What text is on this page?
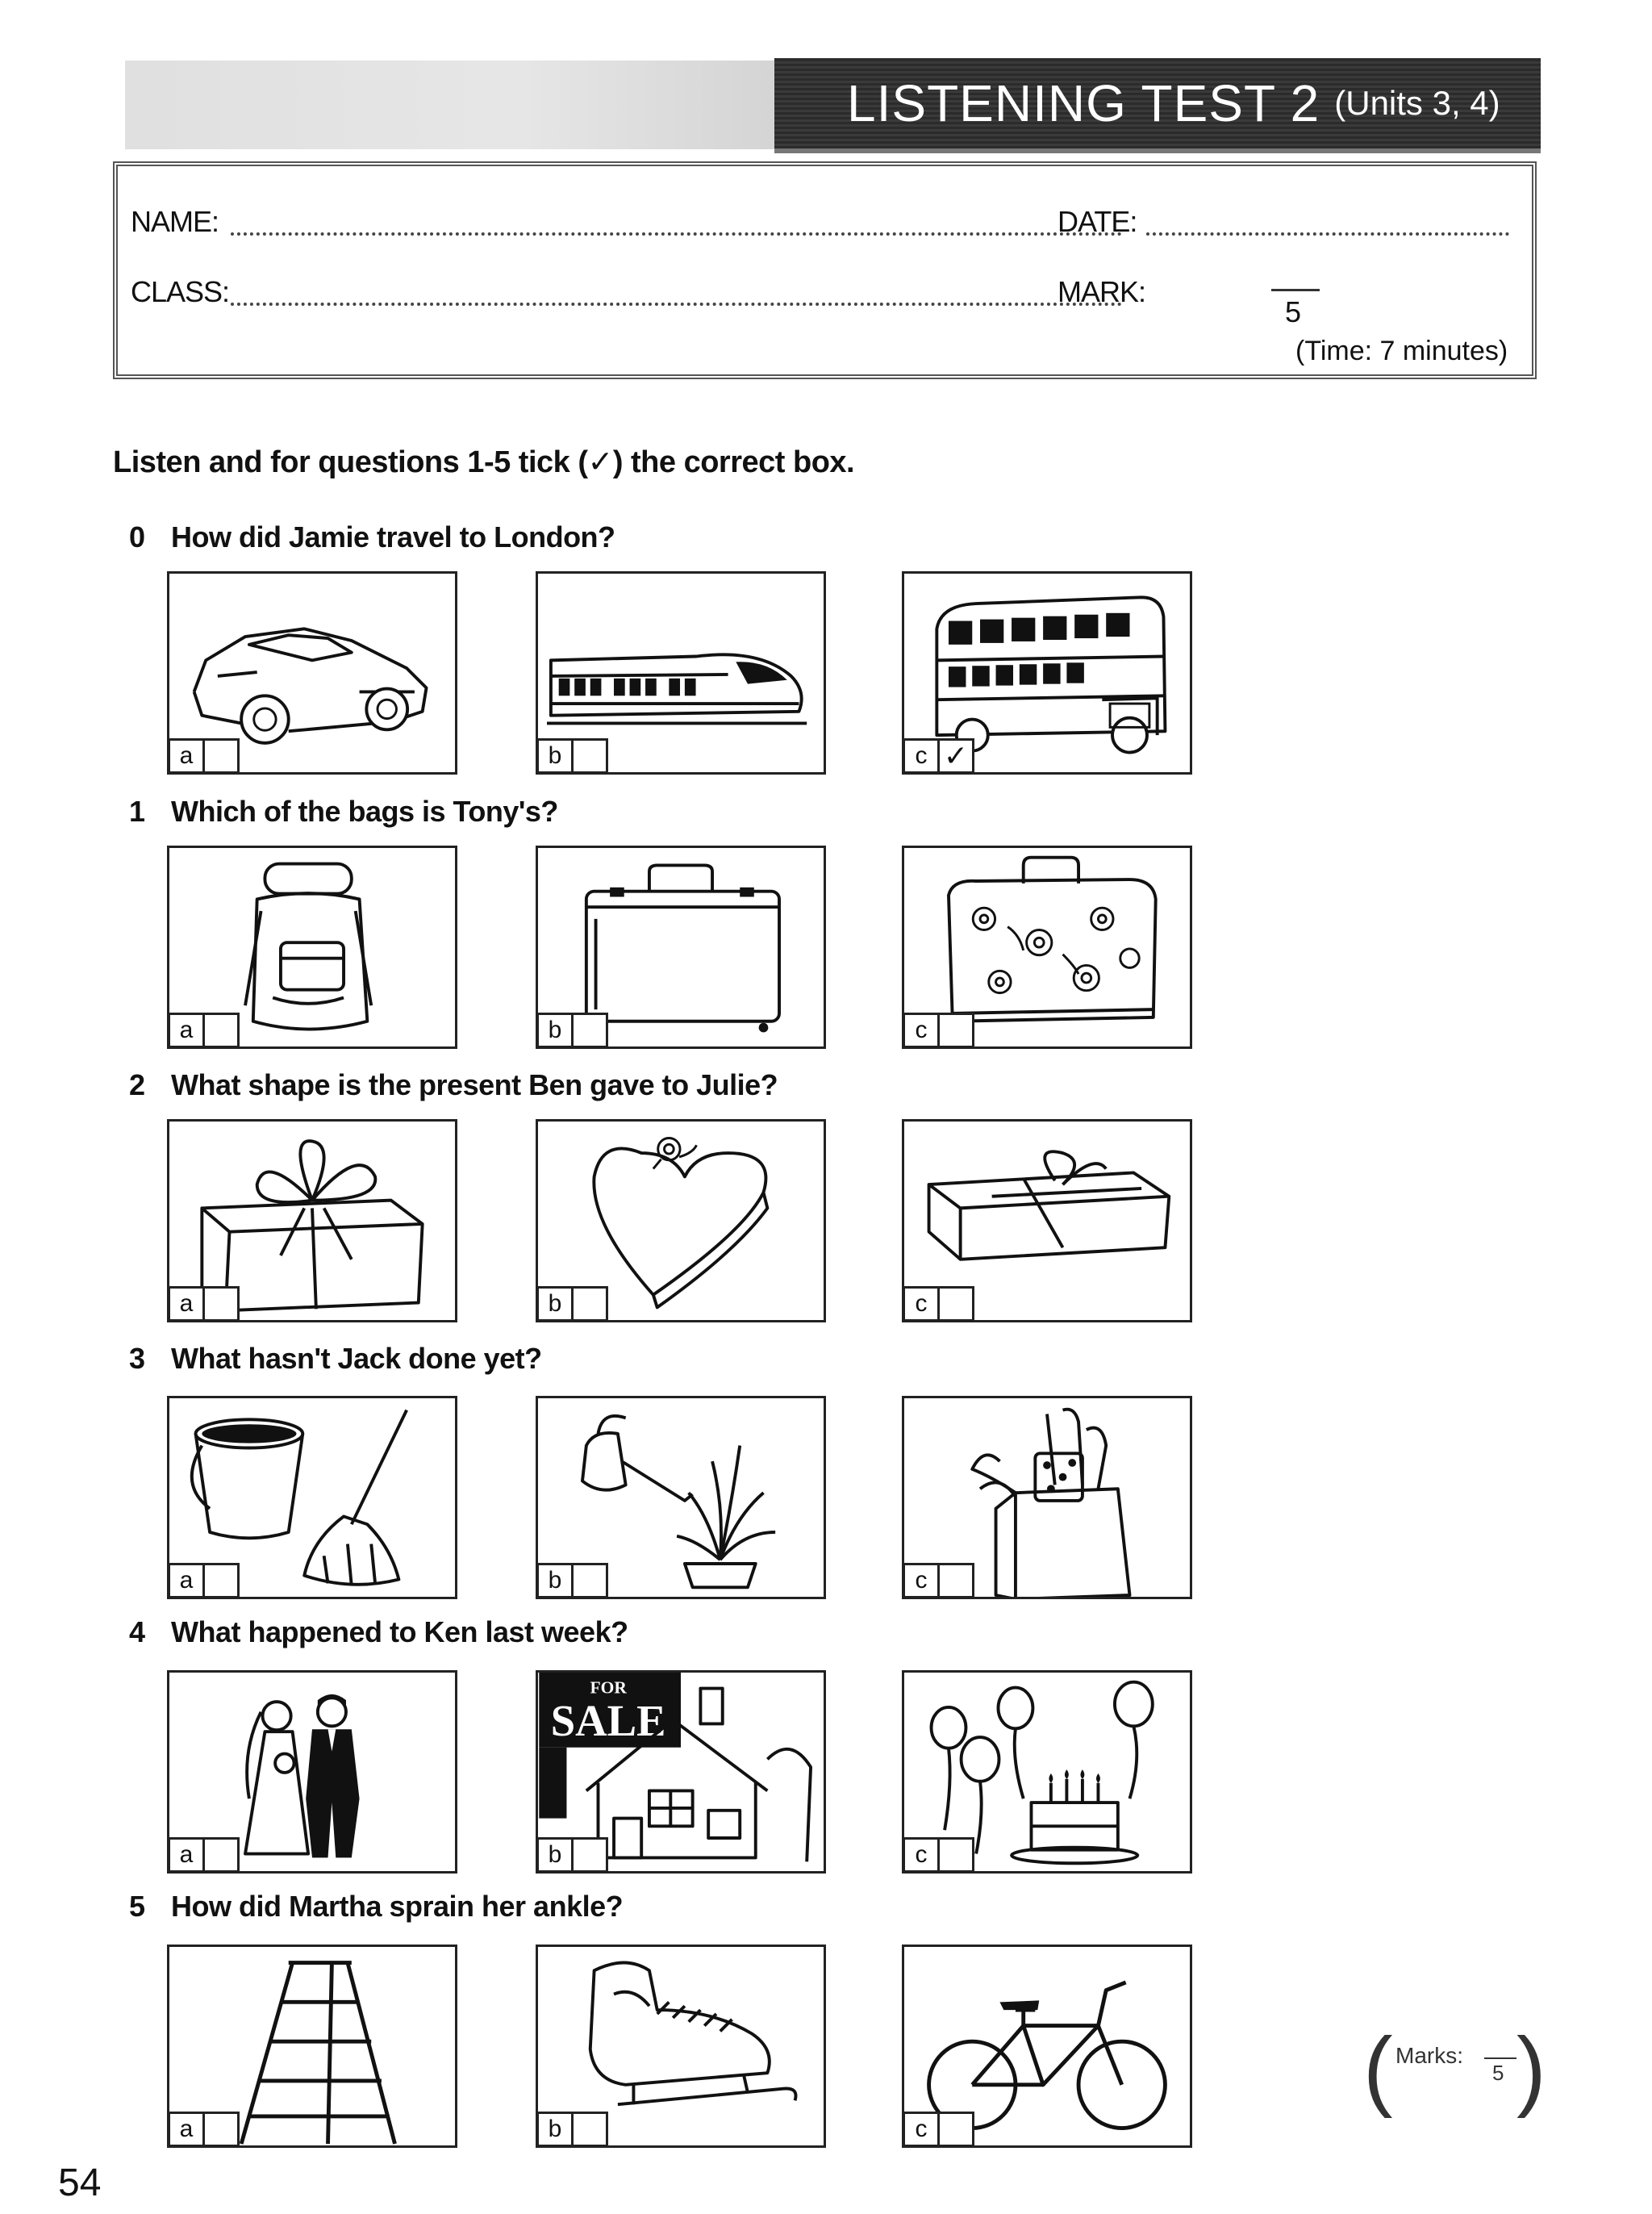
LISTENING TEST 2 (Units 3, 4)
NAME:	DATE:
CLASS:	MARK:
5
(Time: 7 minutes)
Listen and for questions 1-5 tick (✓) the correct box.
0 How did Jamie travel to London?
a	b	c ✓
1 Which of the bags is Tony's?
a	b	c
2 What shape is the present Ben gave to Julie?
a	b	c
3 What hasn't Jack done yet?
a	b	c
4 What happened to Ken last week?
a
FOR
SALE
b	c
5 How did Martha sprain her ankle?
a	b	c
( Marks:
5 )
54
